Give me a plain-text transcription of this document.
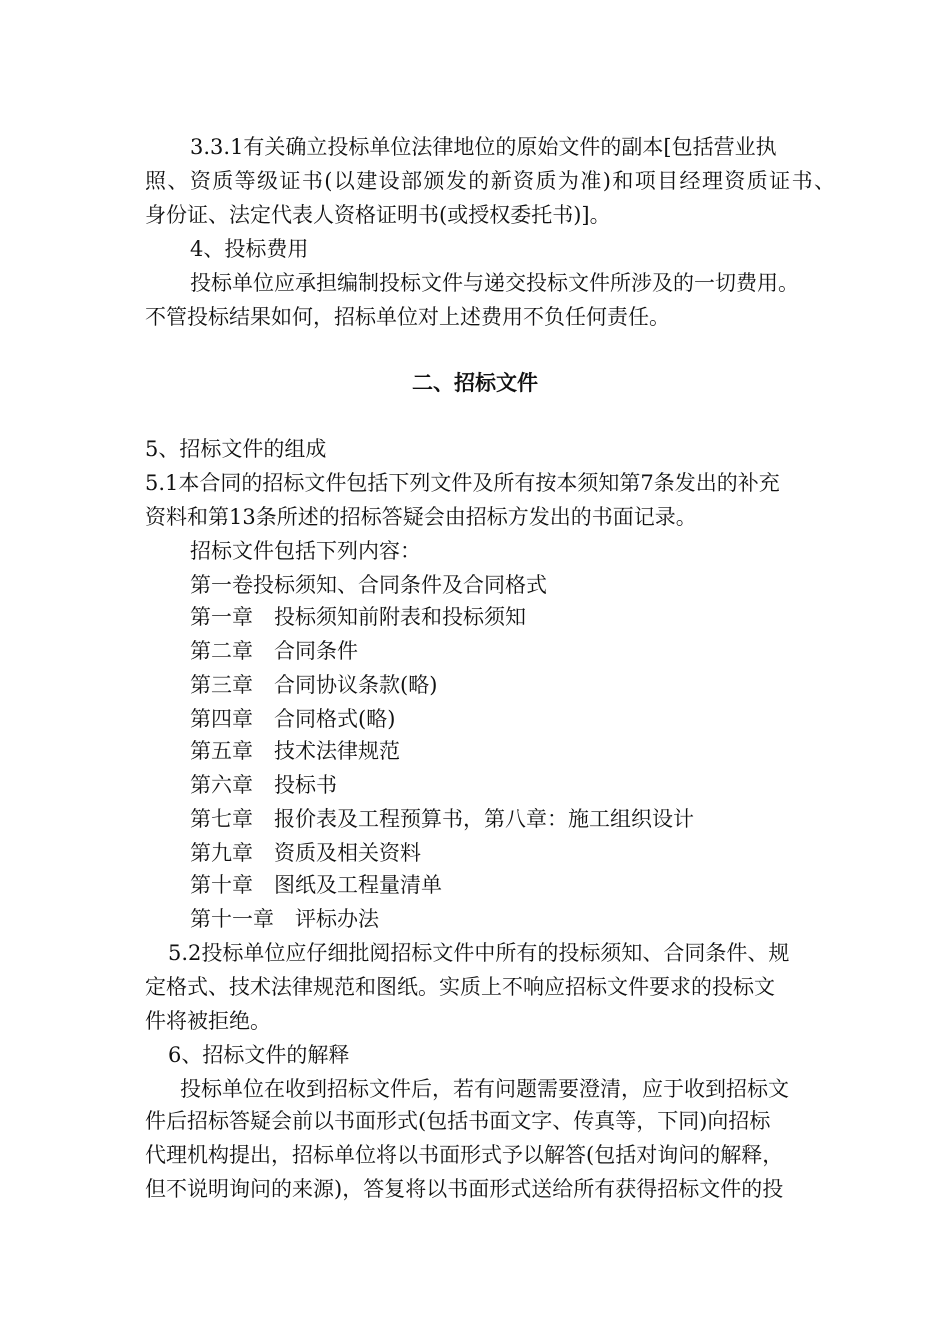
3.3.1有关确立投标单位法律地位的原始文件的副本[包括营业执
照、资质等级证书(以建设部颁发的新资质为准)和项目经理资质证书、
身份证、法定代表人资格证明书(或授权委托书)]。
4、投标费用
投标单位应承担编制投标文件与递交投标文件所涉及的一切费用。
不管投标结果如何，招标单位对上述费用不负任何责任。
二、招标文件
5、招标文件的组成
5.1本合同的招标文件包括下列文件及所有按本须知第7条发出的补充
资料和第13条所述的招标答疑会由招标方发出的书面记录。
招标文件包括下列内容：
第一卷投标须知、合同条件及合同格式
第一章　投标须知前附表和投标须知
第二章　合同条件
第三章　合同协议条款(略)
第四章　合同格式(略)
第五章　技术法律规范
第六章　投标书
第七章　报价表及工程预算书，第八章：施工组织设计
第九章　资质及相关资料
第十章　图纸及工程量清单
第十一章　评标办法
5.2投标单位应仔细批阅招标文件中所有的投标须知、合同条件、规
定格式、技术法律规范和图纸。实质上不响应招标文件要求的投标文
件将被拒绝。
6、招标文件的解释
投标单位在收到招标文件后，若有问题需要澄清，应于收到招标文
件后招标答疑会前以书面形式(包括书面文字、传真等，下同)向招标
代理机构提出，招标单位将以书面形式予以解答(包括对询问的解释，
但不说明询问的来源)，答复将以书面形式送给所有获得招标文件的投
